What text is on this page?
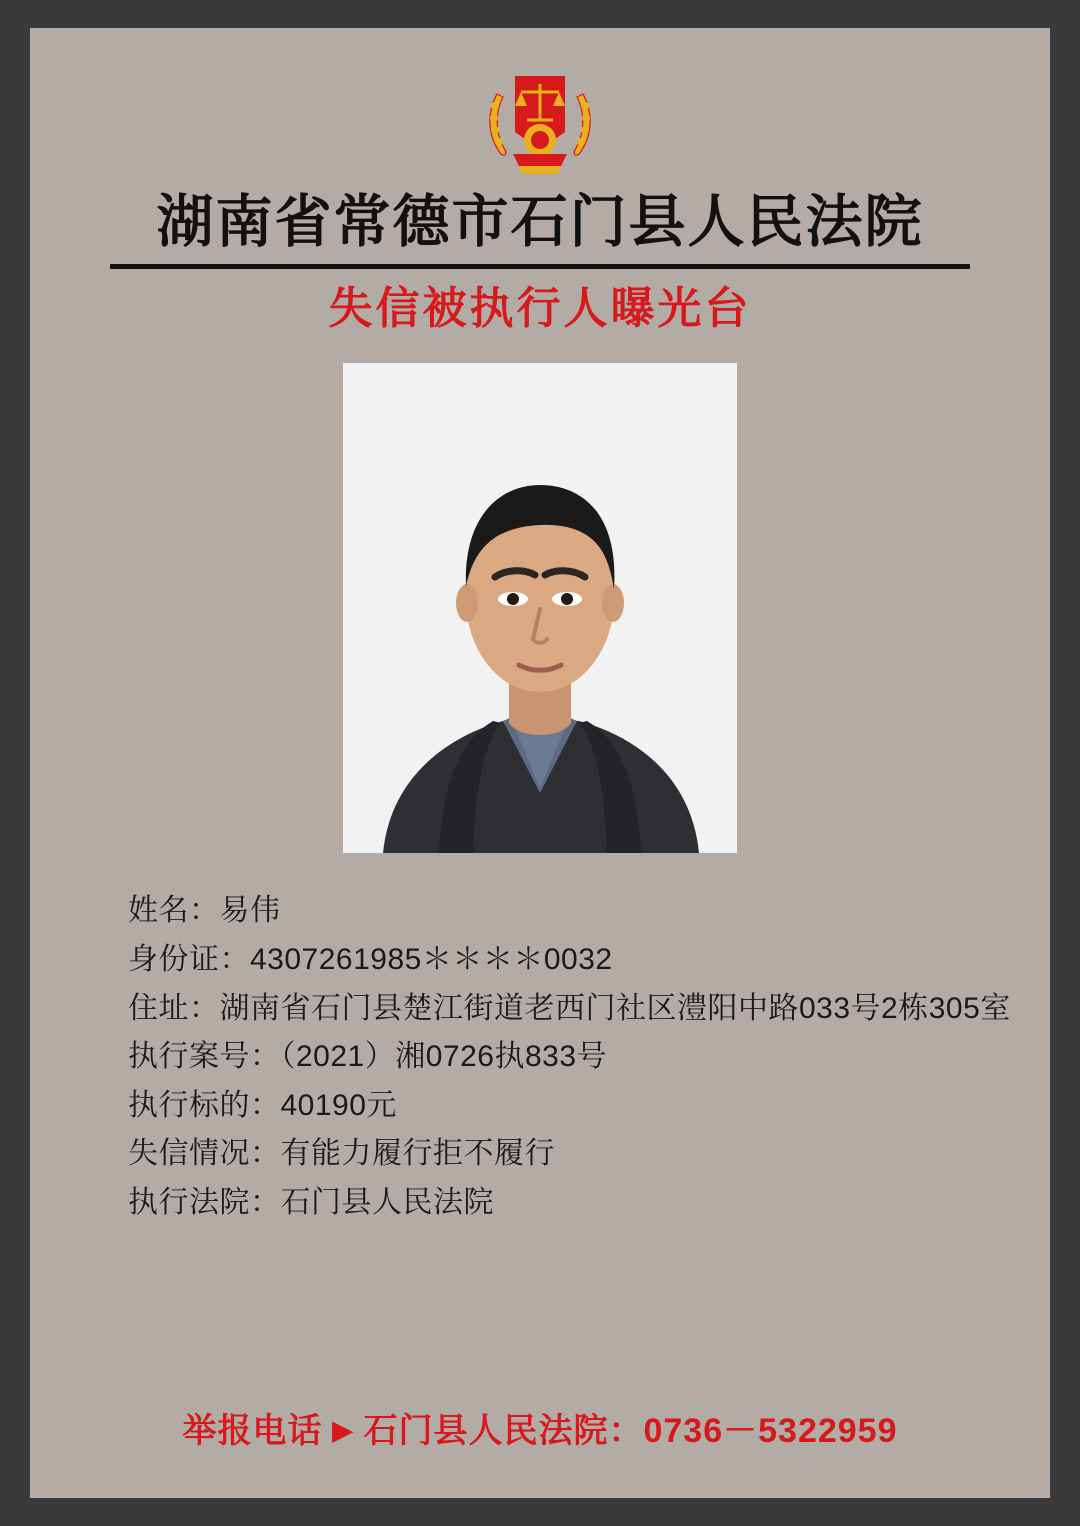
湖南省常德市石门县人民法院
失信被执行人曝光台
姓名：易伟
身份证：4307261985＊＊＊＊0032
住址：湖南省石门县楚江街道老西门社区澧阳中路033号2栋305室
执行案号：（2021）湘0726执833号
执行标的：40190元
失信情况：有能力履行拒不履行
执行法院：石门县人民法院
举报电话 ▶ 石门县人民法院：0736－5322959
